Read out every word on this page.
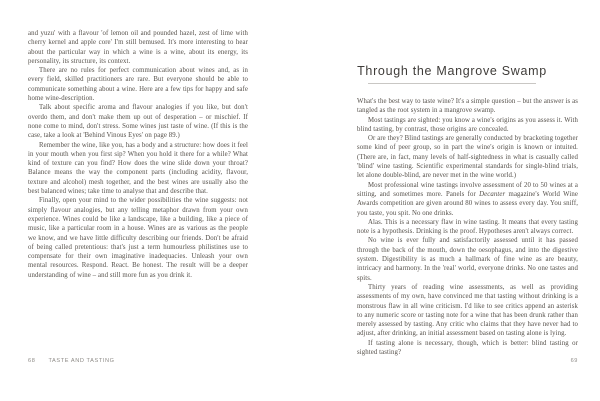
and yuzu' with a flavour 'of lemon oil and pounded hazel, zest of lime with cherry kernel and apple core' I'm still bemused. It's more interesting to hear about the particular way in which a wine is a wine, about its energy, its personality, its structure, its context.

There are no rules for perfect communication about wines and, as in every field, skilled practitioners are rare. But everyone should be able to communicate something about a wine. Here are a few tips for happy and safe home wine-description.

Talk about specific aroma and flavour analogies if you like, but don't overdo them, and don't make them up out of desperation – or mischief. If none come to mind, don't stress. Some wines just taste of wine. (If this is the case, take a look at 'Behind Vinous Eyes' on page 89.)

Remember the wine, like you, has a body and a structure: how does it feel in your mouth when you first sip? When you hold it there for a while? What kind of texture can you find? How does the wine slide down your throat? Balance means the way the component parts (including acidity, flavour, texture and alcohol) mesh together, and the best wines are usually also the best balanced wines; take time to analyse that and describe that.

Finally, open your mind to the wider possibilities the wine suggests: not simply flavour analogies, but any telling metaphor drawn from your own experience. Wines could be like a landscape, like a building, like a piece of music, like a particular room in a house. Wines are as various as the people we know, and we have little difficulty describing our friends. Don't be afraid of being called pretentious: that's just a term humourless philistines use to compensate for their own imaginative inadequacies. Unleash your own mental resources. Respond. React. Be honest. The result will be a deeper understanding of wine – and still more fun as you drink it.

Through the Mangrove Swamp

What's the best way to taste wine? It's a simple question – but the answer is as tangled as the root system in a mangrove swamp.

Most tastings are sighted: you know a wine's origins as you assess it. With blind tasting, by contrast, those origins are concealed.

Or are they? Blind tastings are generally conducted by bracketing together some kind of peer group, so in part the wine's origin is known or intuited. (There are, in fact, many levels of half-sightedness in what is casually called 'blind' wine tasting. Scientific experimental standards for single-blind trials, let alone double-blind, are never met in the wine world.)

Most professional wine tastings involve assessment of 20 to 50 wines at a sitting, and sometimes more. Panels for Decanter magazine's World Wine Awards competition are given around 80 wines to assess every day. You sniff, you taste, you spit. No one drinks.

Alas. This is a necessary flaw in wine tasting. It means that every tasting note is a hypothesis. Drinking is the proof. Hypotheses aren't always correct.

No wine is ever fully and satisfactorily assessed until it has passed through the back of the mouth, down the oesophagus, and into the digestive system. Digestibility is as much a hallmark of fine wine as are beauty, intricacy and harmony. In the 'real' world, everyone drinks. No one tastes and spits.

Thirty years of reading wine assessments, as well as providing assessments of my own, have convinced me that tasting without drinking is a monstrous flaw in all wine criticism. I'd like to see critics append an asterisk to any numeric score or tasting note for a wine that has been drunk rather than merely assessed by tasting. Any critic who claims that they have never had to adjust, after drinking, an initial assessment based on tasting alone is lying.

If tasting alone is necessary, though, which is better: blind tasting or sighted tasting?

68 TASTE AND TASTING	69
